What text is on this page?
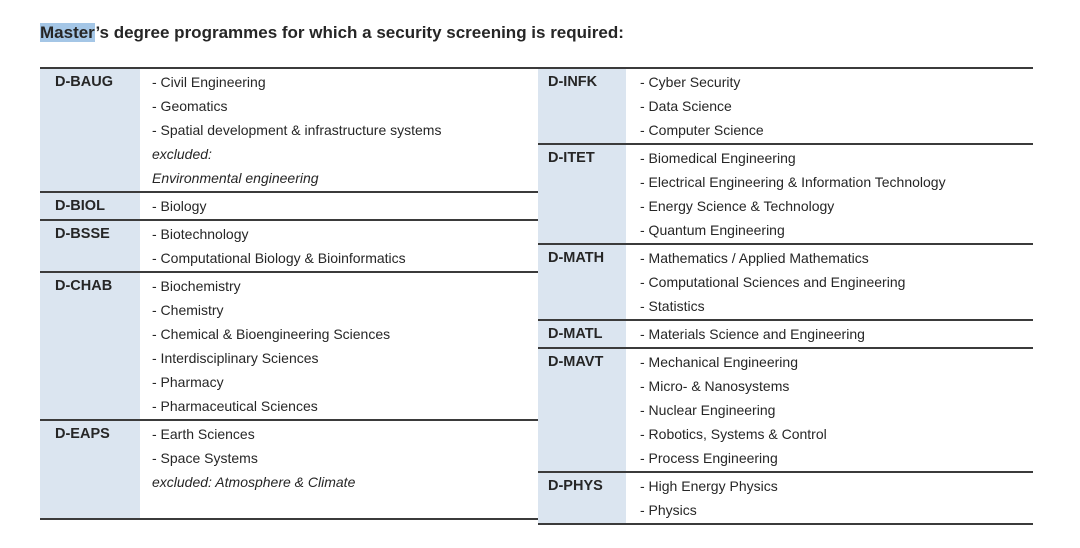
Master’s degree programmes for which a security screening is required:
D-BAUG	- Civil Engineering
- Geomatics
- Spatial development & infrastructure systems
excluded:
Environmental engineering
D-BIOL	- Biology
D-BSSE	- Biotechnology
- Computational Biology & Bioinformatics
D-CHAB	- Biochemistry
- Chemistry
- Chemical & Bioengineering Sciences
- Interdisciplinary Sciences
- Pharmacy
- Pharmaceutical Sciences
D-EAPS	- Earth Sciences
- Space Systems
excluded: Atmosphere & Climate
D-INFK	- Cyber Security
- Data Science
- Computer Science
D-ITET	- Biomedical Engineering
- Electrical Engineering & Information Technology
- Energy Science & Technology
- Quantum Engineering
D-MATH	- Mathematics / Applied Mathematics
- Computational Sciences and Engineering
- Statistics
D-MATL	- Materials Science and Engineering
D-MAVT	- Mechanical Engineering
- Micro- & Nanosystems
- Nuclear Engineering
- Robotics, Systems & Control
- Process Engineering
D-PHYS	- High Energy Physics
- Physics
